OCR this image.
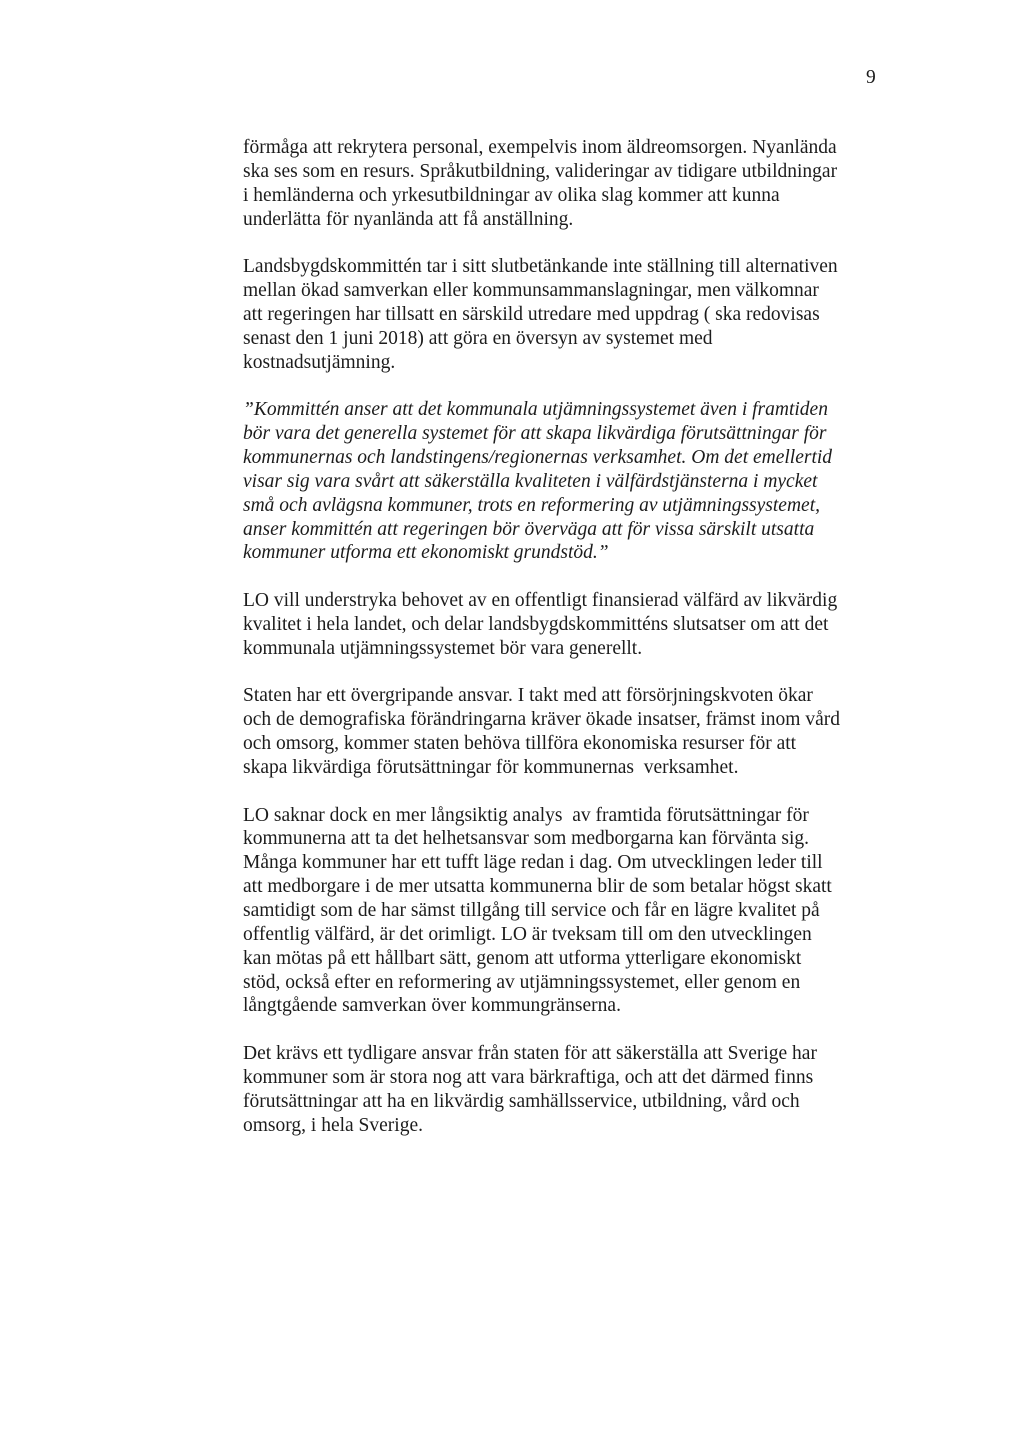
9

förmåga att rekrytera personal, exempelvis inom äldreomsorgen. Nyanlända
ska ses som en resurs. Språkutbildning, valideringar av tidigare utbildningar
i hemländerna och yrkesutbildningar av olika slag kommer att kunna
underlätta för nyanlända att få anställning.

Landsbygdskommittén tar i sitt slutbetänkande inte ställning till alternativen
mellan ökad samverkan eller kommunsammanslagningar, men välkomnar
att regeringen har tillsatt en särskild utredare med uppdrag ( ska redovisas
senast den 1 juni 2018) att göra en översyn av systemet med
kostnadsutjämning.

”Kommittén anser att det kommunala utjämningssystemet även i framtiden
bör vara det generella systemet för att skapa likvärdiga förutsättningar för
kommunernas och landstingens/regionernas verksamhet. Om det emellertid
visar sig vara svårt att säkerställa kvaliteten i välfärdstjänsterna i mycket
små och avlägsna kommuner, trots en reformering av utjämningssystemet,
anser kommittén att regeringen bör överväga att för vissa särskilt utsatta
kommuner utforma ett ekonomiskt grundstöd.”

LO vill understryka behovet av en offentligt finansierad välfärd av likvärdig
kvalitet i hela landet, och delar landsbygdskommitténs slutsatser om att det
kommunala utjämningssystemet bör vara generellt.

Staten har ett övergripande ansvar. I takt med att försörjningskvoten ökar
och de demografiska förändringarna kräver ökade insatser, främst inom vård
och omsorg, kommer staten behöva tillföra ekonomiska resurser för att
skapa likvärdiga förutsättningar för kommunernas  verksamhet.

LO saknar dock en mer långsiktig analys  av framtida förutsättningar för
kommunerna att ta det helhetsansvar som medborgarna kan förvänta sig.
Många kommuner har ett tufft läge redan i dag. Om utvecklingen leder till
att medborgare i de mer utsatta kommunerna blir de som betalar högst skatt
samtidigt som de har sämst tillgång till service och får en lägre kvalitet på
offentlig välfärd, är det orimligt. LO är tveksam till om den utvecklingen
kan mötas på ett hållbart sätt, genom att utforma ytterligare ekonomiskt
stöd, också efter en reformering av utjämningssystemet, eller genom en
långtgående samverkan över kommungränserna.

Det krävs ett tydligare ansvar från staten för att säkerställa att Sverige har
kommuner som är stora nog att vara bärkraftiga, och att det därmed finns
förutsättningar att ha en likvärdig samhällsservice, utbildning, vård och
omsorg, i hela Sverige.
